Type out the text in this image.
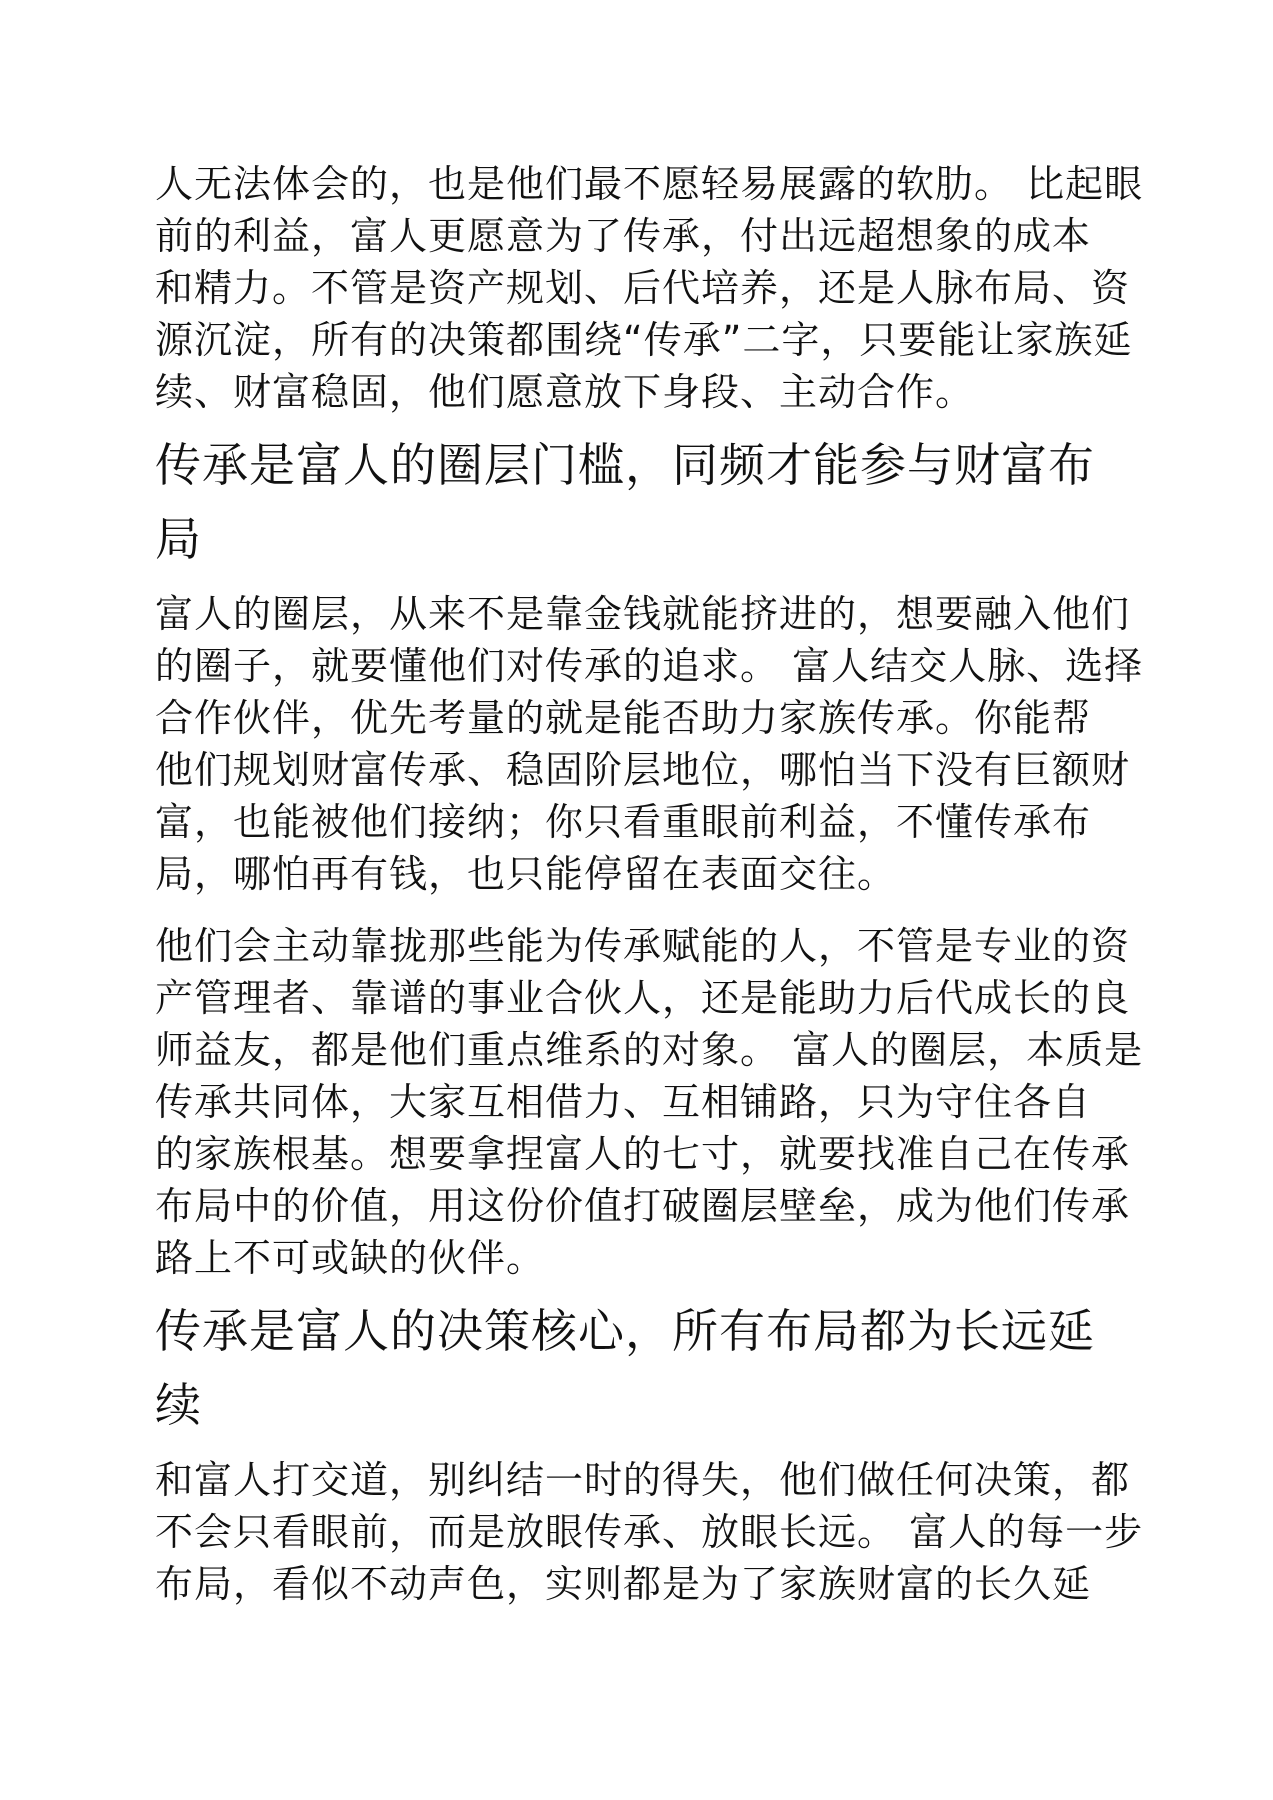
人无法体会的，也是他们最不愿轻易展露的软肋。 比起眼
前的利益，富人更愿意为了传承，付出远超想象的成本
和精力。不管是资产规划、后代培养，还是人脉布局、资
源沉淀，所有的决策都围绕“传承”二字，只要能让家族延
续、财富稳固，他们愿意放下身段、主动合作。
传承是富人的圈层门槛，同频才能参与财富布
局
富人的圈层，从来不是靠金钱就能挤进的，想要融入他们
的圈子，就要懂他们对传承的追求。 富人结交人脉、选择
合作伙伴，优先考量的就是能否助力家族传承。你能帮
他们规划财富传承、稳固阶层地位，哪怕当下没有巨额财
富，也能被他们接纳；你只看重眼前利益，不懂传承布
局，哪怕再有钱，也只能停留在表面交往。
他们会主动靠拢那些能为传承赋能的人，不管是专业的资
产管理者、靠谱的事业合伙人，还是能助力后代成长的良
师益友，都是他们重点维系的对象。 富人的圈层，本质是
传承共同体，大家互相借力、互相铺路，只为守住各自
的家族根基。想要拿捏富人的七寸，就要找准自己在传承
布局中的价值，用这份价值打破圈层壁垒，成为他们传承
路上不可或缺的伙伴。
传承是富人的决策核心，所有布局都为长远延
续
和富人打交道，别纠结一时的得失，他们做任何决策，都
不会只看眼前，而是放眼传承、放眼长远。 富人的每一步
布局，看似不动声色，实则都是为了家族财富的长久延
